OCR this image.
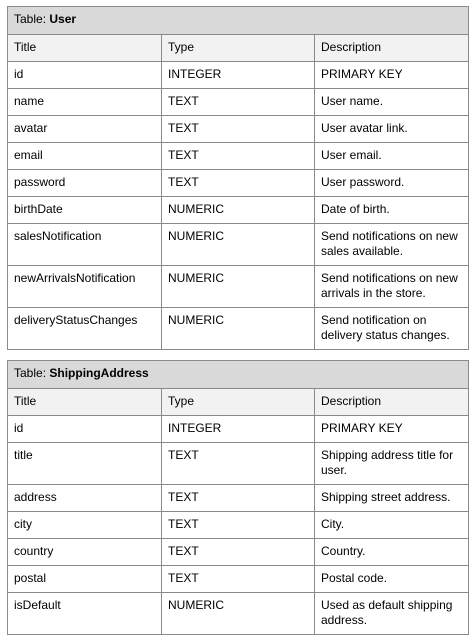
Table: User		
Title	Type	Description
id	INTEGER	PRIMARY KEY
name	TEXT	User name.
avatar	TEXT	User avatar link.
email	TEXT	User email.
password	TEXT	User password.
birthDate	NUMERIC	Date of birth.
salesNotification	NUMERIC	Send notifications on new sales available.
newArrivalsNotification	NUMERIC	Send notifications on new arrivals in the store.
deliveryStatusChanges	NUMERIC	Send notification on delivery status changes.
Table: ShippingAddress		
Title	Type	Description
id	INTEGER	PRIMARY KEY
title	TEXT	Shipping address title for user.
address	TEXT	Shipping street address.
city	TEXT	City.
country	TEXT	Country.
postal	TEXT	Postal code.
isDefault	NUMERIC	Used as default shipping address.
